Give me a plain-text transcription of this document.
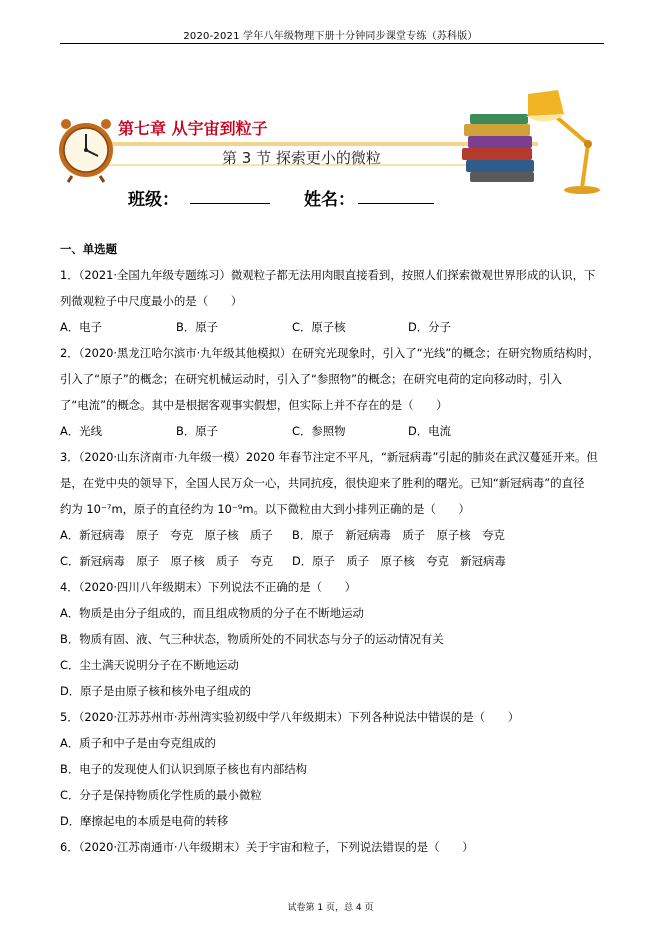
2020-2021 学年八年级物理下册十分钟同步课堂专练（苏科版）
第七章 从宇宙到粒子
第 3 节 探索更小的微粒
班级：	姓名：

一、单选题

1．（2021·全国九年级专题练习）微观粒子都无法用肉眼直接看到，按照人们探索微观世界形成的认识，下

列微观粒子中尺度最小的是（　　）

A．电子	B．原子	C．原子核	D．分子

2．（2020·黑龙江哈尔滨市·九年级其他模拟）在研究光现象时，引入了“光线”的概念；在研究物质结构时，

引入了“原子”的概念；在研究机械运动时，引入了“参照物”的概念；在研究电荷的定向移动时，引入

了“电流”的概念。其中是根据客观事实假想，但实际上并不存在的是（　　）

A．光线	B．原子	C．参照物	D．电流

3．（2020·山东济南市·九年级一模）2020 年春节注定不平凡，“新冠病毒”引起的肺炎在武汉蔓延开来。但

是，在党中央的领导下，全国人民万众一心，共同抗疫，很快迎来了胜利的曙光。已知“新冠病毒”的直径

约为 10⁻⁷m，原子的直径约为 10⁻⁹m。以下微粒由大到小排列正确的是（　　）

A．新冠病毒　原子　夸克　原子核　质子	B．原子　新冠病毒　质子　原子核　夸克
C．新冠病毒　原子　原子核　质子　夸克	D．原子　质子　原子核　夸克　新冠病毒

4．（2020·四川八年级期末）下列说法不正确的是（　　）

A．物质是由分子组成的，而且组成物质的分子在不断地运动

B．物质有固、液、气三种状态，物质所处的不同状态与分子的运动情况有关

C．尘土满天说明分子在不断地运动

D．原子是由原子核和核外电子组成的

5．（2020·江苏苏州市·苏州湾实验初级中学八年级期末）下列各种说法中错误的是（　　）

A．质子和中子是由夸克组成的

B．电子的发现使人们认识到原子核也有内部结构

C．分子是保持物质化学性质的最小微粒

D．摩擦起电的本质是电荷的转移

6．（2020·江苏南通市·八年级期末）关于宇宙和粒子，下列说法错误的是（　　）

试卷第 1 页，总 4 页
